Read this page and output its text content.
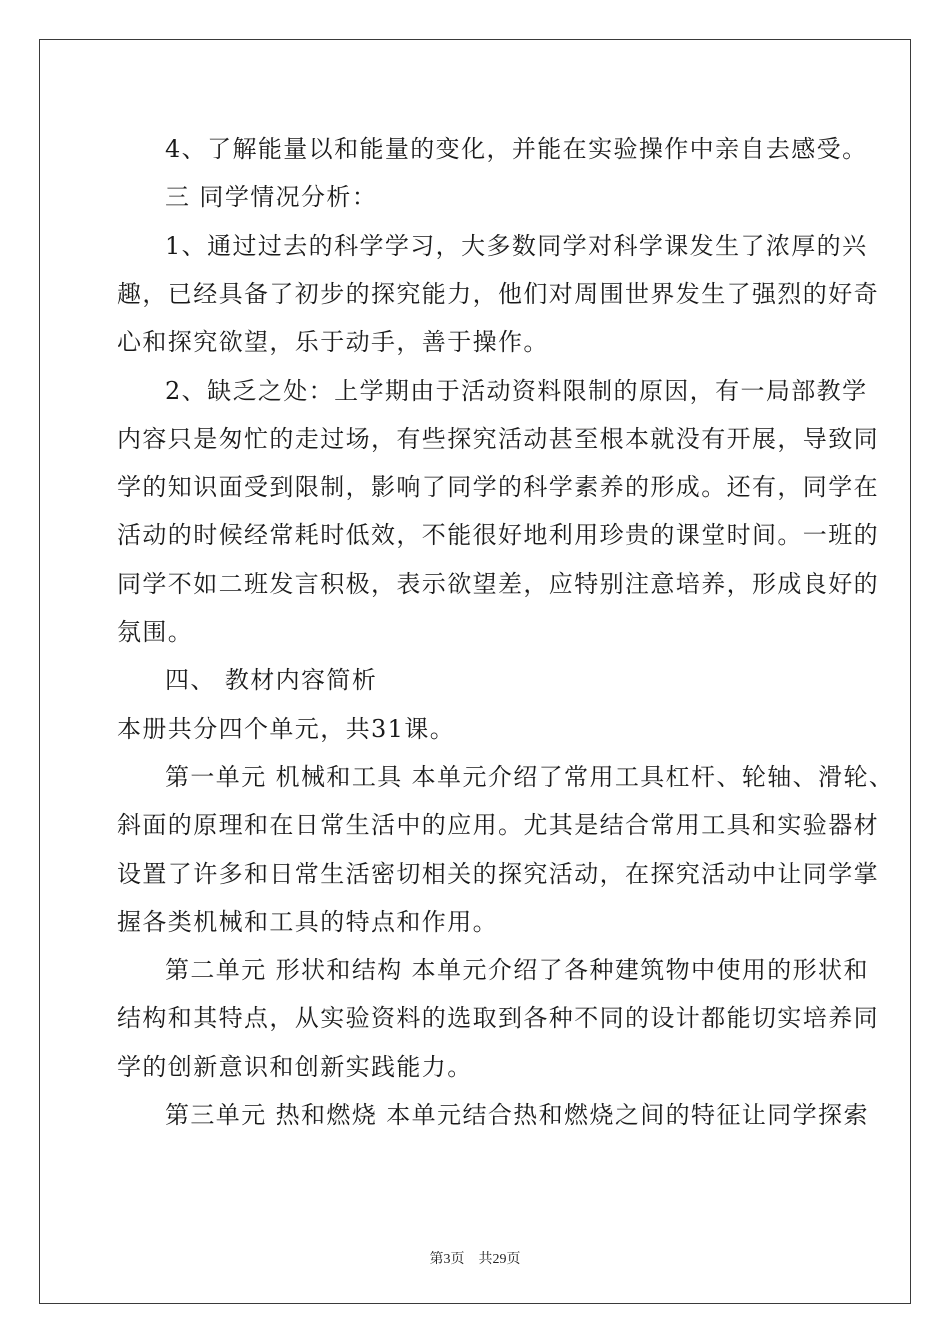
4、了解能量以和能量的变化，并能在实验操作中亲自去感受。
三 同学情况分析：
1、通过过去的科学学习，大多数同学对科学课发生了浓厚的兴
趣，已经具备了初步的探究能力，他们对周围世界发生了强烈的好奇
心和探究欲望，乐于动手，善于操作。
2、缺乏之处：上学期由于活动资料限制的原因，有一局部教学
内容只是匆忙的走过场，有些探究活动甚至根本就没有开展，导致同
学的知识面受到限制，影响了同学的科学素养的形成。还有，同学在
活动的时候经常耗时低效，不能很好地利用珍贵的课堂时间。一班的
同学不如二班发言积极，表示欲望差，应特别注意培养，形成良好的
氛围。
四、 教材内容简析
本册共分四个单元，共31课。
第一单元 机械和工具 本单元介绍了常用工具杠杆、轮轴、滑轮、
斜面的原理和在日常生活中的应用。尤其是结合常用工具和实验器材
设置了许多和日常生活密切相关的探究活动，在探究活动中让同学掌
握各类机械和工具的特点和作用。
第二单元 形状和结构 本单元介绍了各种建筑物中使用的形状和
结构和其特点，从实验资料的选取到各种不同的设计都能切实培养同
学的创新意识和创新实践能力。
第三单元 热和燃烧 本单元结合热和燃烧之间的特征让同学探索
第3页 共29页
